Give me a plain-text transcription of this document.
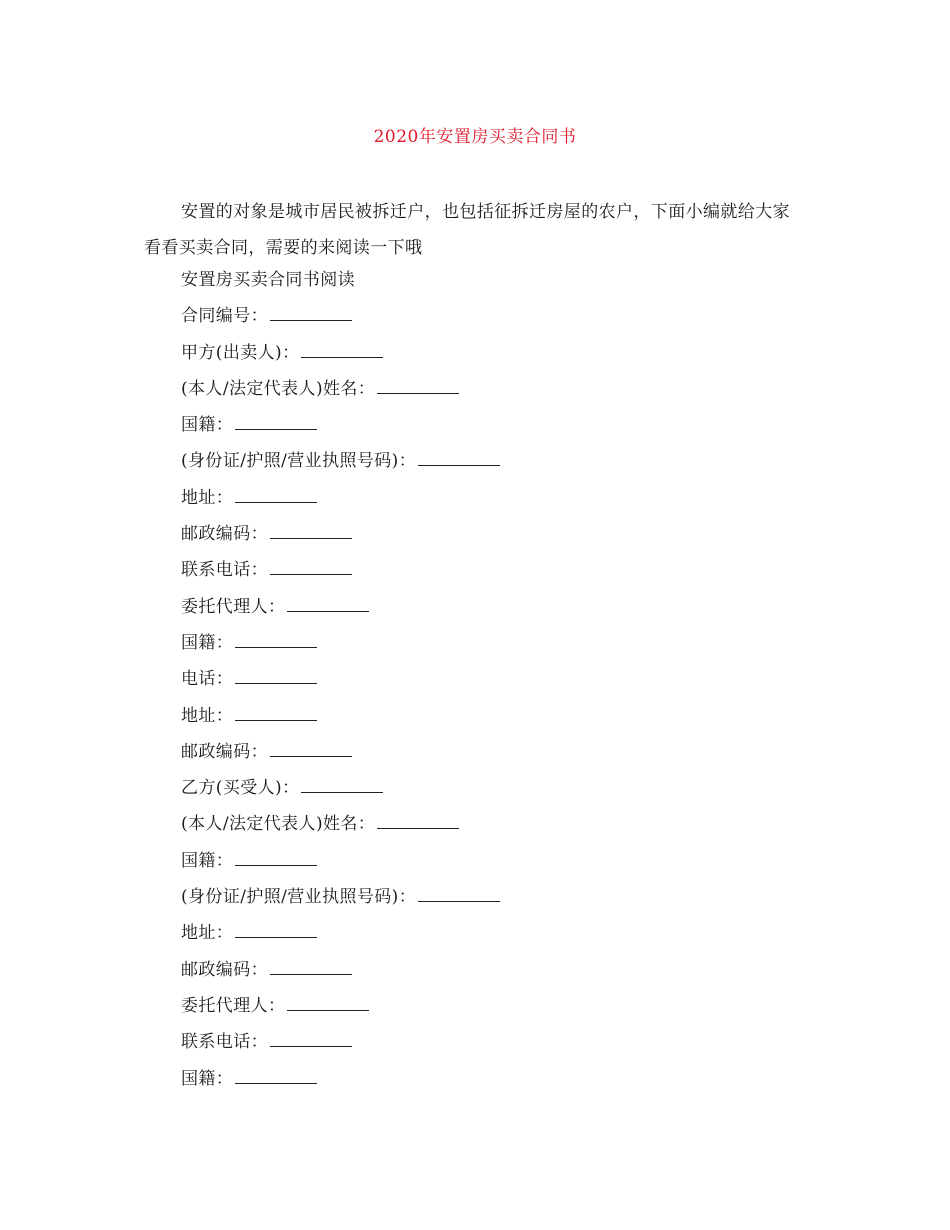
2020年安置房买卖合同书

安置的对象是城市居民被拆迁户，也包括征拆迁房屋的农户，下面小编就给大家看看买卖合同，需要的来阅读一下哦

安置房买卖合同书阅读
合同编号：
甲方(出卖人)：
(本人/法定代表人)姓名：
国籍：
(身份证/护照/营业执照号码)：
地址：
邮政编码：
联系电话：
委托代理人：
国籍：
电话：
地址：
邮政编码：
乙方(买受人)：
(本人/法定代表人)姓名：
国籍：
(身份证/护照/营业执照号码)：
地址：
邮政编码：
委托代理人：
联系电话：
国籍：
